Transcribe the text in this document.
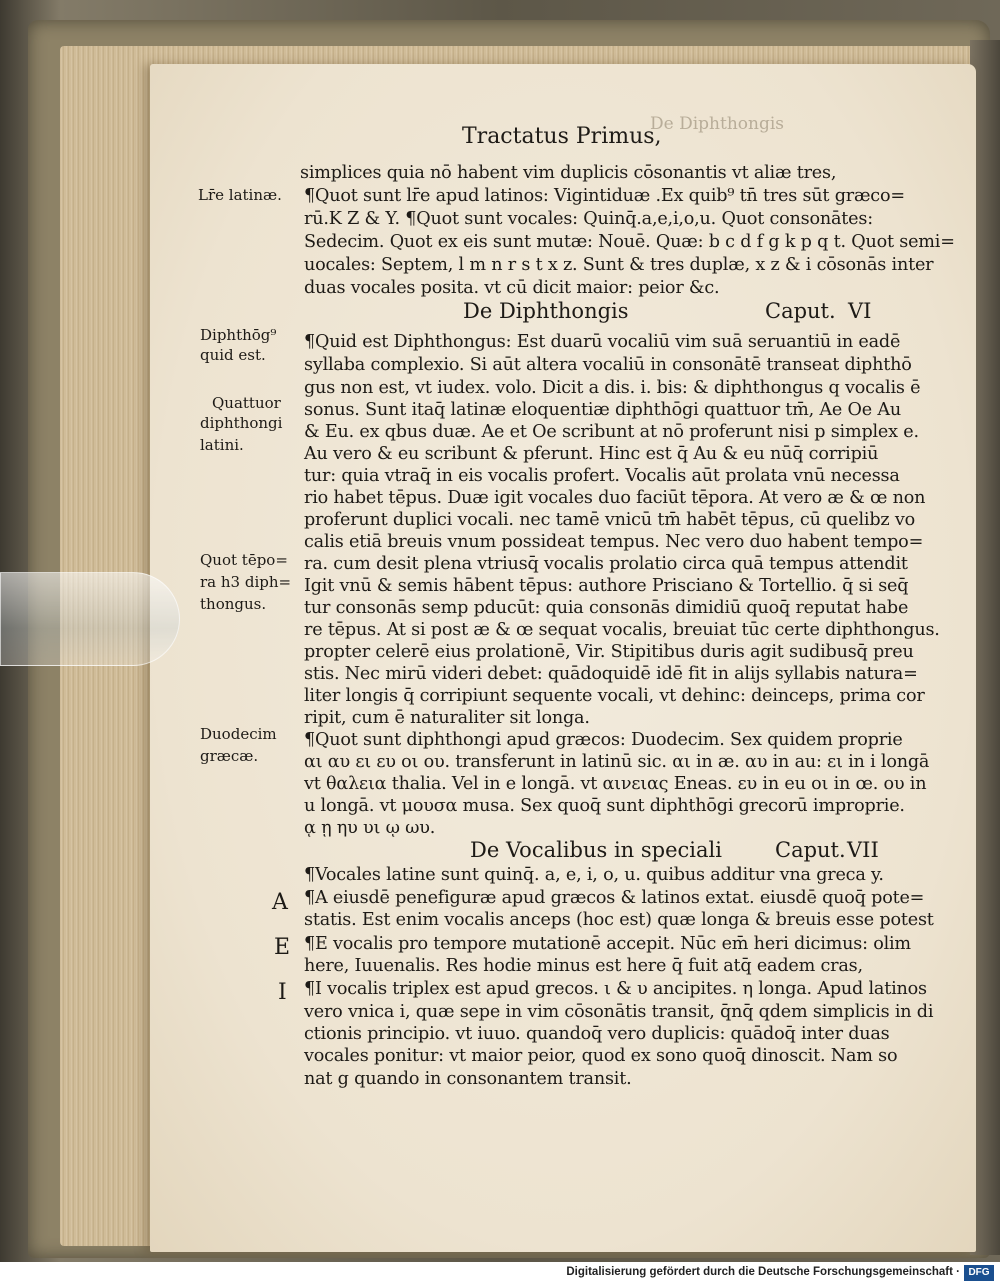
Tractatus Primus,
De Diphthongis
simplices quia nō habent vim duplicis cōsonantis vt aliæ tres,
¶Quot sunt lr̄e apud latinos: Vigintiduæ .Ex quib⁹ tn̄ tres sūt græco=
rū.K Z & Y. ¶Quot sunt vocales: Quinq̄.a,e,i,o,u. Quot consonātes:
Sedecim. Quot ex eis sunt mutæ: Nouē. Quæ: b c d f g k p q t. Quot semi=
uocales: Septem, l m n r s t x z. Sunt & tres duplæ, x z & i cōsonās inter
duas vocales posita. vt cū dicit maior: peior &c.
¶Quid est Diphthongus: Est duarū vocaliū vim suā seruantiū in eadē
syllaba complexio. Si aūt altera vocaliū in consonātē transeat diphthō
gus non est, vt iudex. volo. Dicit a dis. i. bis: & diphthongus q vocalis ē
sonus. Sunt itaq̄ latinæ eloquentiæ diphthōgi quattuor tm̄, Ae Oe Au
& Eu. ex qbus duæ. Ae et Oe scribunt at nō proferunt nisi p simplex e.
Au vero & eu scribunt & pferunt. Hinc est q̄ Au & eu nūq̄ corripiū
tur: quia vtraq̄ in eis vocalis profert. Vocalis aūt prolata vnū necessa
rio habet tēpus. Duæ igit vocales duo faciūt tēpora. At vero æ & œ non
proferunt duplici vocali. nec tamē vnicū tm̄ habēt tēpus, cū quelibz vo
calis etiā breuis vnum possideat tempus. Nec vero duo habent tempo=
ra. cum desit plena vtriusq̄ vocalis prolatio circa quā tempus attendit
Igit vnū & semis hābent tēpus: authore Prisciano & Tortellio. q̄ si seq̄
tur consonās semp pducūt: quia consonās dimidiū quoq̄ reputat habe
re tēpus. At si post æ & œ sequat vocalis, breuiat tūc certe diphthongus.
propter celerē eius prolationē, Vir. Stipitibus duris agit sudibusq̄ preu
stis. Nec mirū videri debet: quādoquidē idē fit in alijs syllabis natura=
liter longis q̄ corripiunt sequente vocali, vt dehinc: deinceps, prima cor
ripit, cum ē naturaliter sit longa.
¶Quot sunt diphthongi apud græcos: Duodecim. Sex quidem proprie
αι αυ ει ευ οι ου. transferunt in latinū sic. αι in æ. αυ in au: ει in i longā
vt θαλεια thalia. Vel in e longā. vt αινειας Eneas. ευ in eu οι in œ. ου in
u longā. vt μουσα musa. Sex quoq̄ sunt diphthōgi grecorū improprie.
ᾳ ῃ ηυ υι ῳ ωυ.
¶Vocales latine sunt quinq̄. a, e, i, o, u. quibus additur vna greca y.
¶A eiusdē penefiguræ apud græcos & latinos extat. eiusdē quoq̄ pote=
statis. Est enim vocalis anceps (hoc est) quæ longa & breuis esse potest
¶E vocalis pro tempore mutationē accepit. Nūc em̄ heri dicimus: olim
here, Iuuenalis. Res hodie minus est here q̄ fuit atq̄ eadem cras,
¶I vocalis triplex est apud grecos. ι & υ ancipites. η longa. Apud latinos
vero vnica i, quæ sepe in vim cōsonātis transit, q̄nq̄ qdem simplicis in di
ctionis principio. vt iuuo. quandoq̄ vero duplicis: quādoq̄ inter duas
vocales ponitur: vt maior peior, quod ex sono quoq̄ dinoscit. Nam so
nat g quando in consonantem transit.
De Diphthongis	Caput. VI
De Vocalibus in speciali	Caput. VII
Lr̄e latinæ.
Diphthōg⁹
quid est.
Quattuor
diphthongi
latini.
Quot tēpo=
ra h3 diph=
thongus.
Duodecim
græcæ.
A
E
I
Digitalisierung gefördert durch die Deutsche Forschungsgemeinschaft · DFG
